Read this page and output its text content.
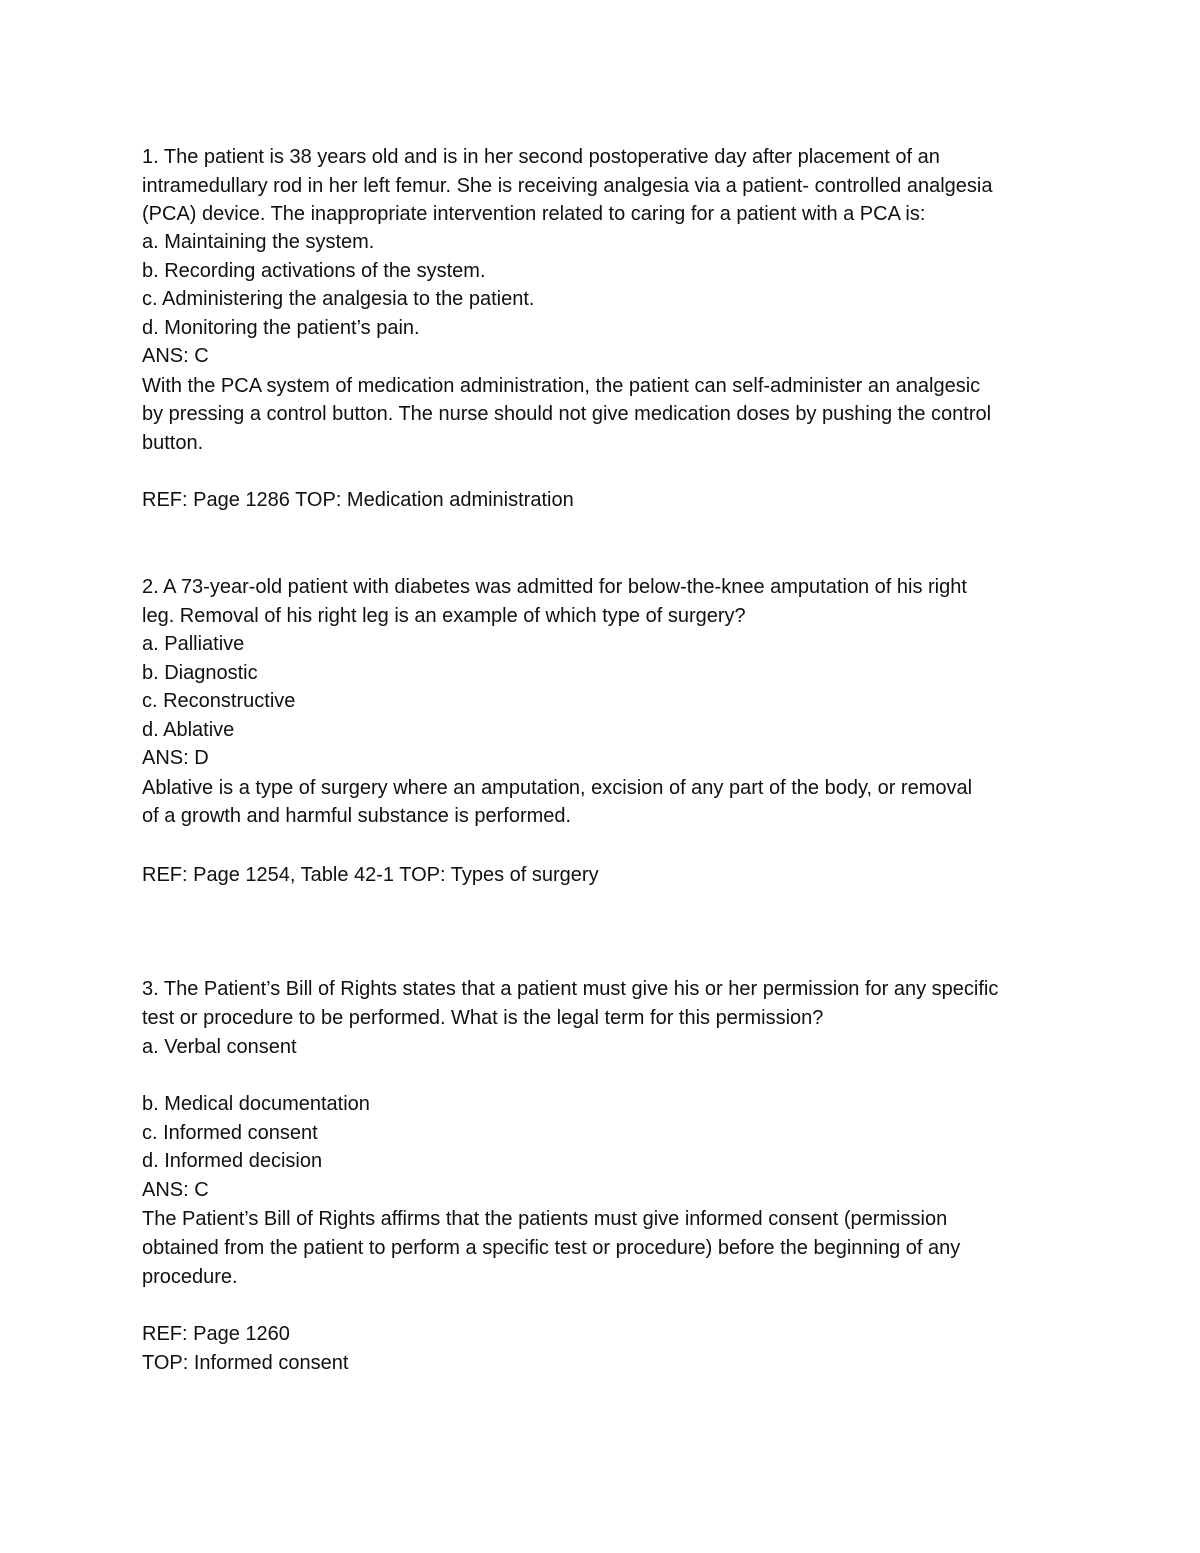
1. The patient is 38 years old and is in her second postoperative day after placement of an
intramedullary rod in her left femur. She is receiving analgesia via a patient- controlled analgesia
(PCA) device. The inappropriate intervention related to caring for a patient with a PCA is:
a. Maintaining the system.
b. Recording activations of the system.
c. Administering the analgesia to the patient.
d. Monitoring the patient’s pain.
ANS: C
With the PCA system of medication administration, the patient can self-administer an analgesic
by pressing a control button. The nurse should not give medication doses by pushing the control
button.
REF: Page 1286 TOP: Medication administration
2. A 73-year-old patient with diabetes was admitted for below-the-knee amputation of his right
leg. Removal of his right leg is an example of which type of surgery?
a. Palliative
b. Diagnostic
c. Reconstructive
d. Ablative
ANS: D
Ablative is a type of surgery where an amputation, excision of any part of the body, or removal
of a growth and harmful substance is performed.
REF: Page 1254, Table 42-1 TOP: Types of surgery
3. The Patient’s Bill of Rights states that a patient must give his or her permission for any specific
test or procedure to be performed. What is the legal term for this permission?
a. Verbal consent
b. Medical documentation
c. Informed consent
d. Informed decision
ANS: C
The Patient’s Bill of Rights affirms that the patients must give informed consent (permission
obtained from the patient to perform a specific test or procedure) before the beginning of any
procedure.
REF: Page 1260
TOP: Informed consent
